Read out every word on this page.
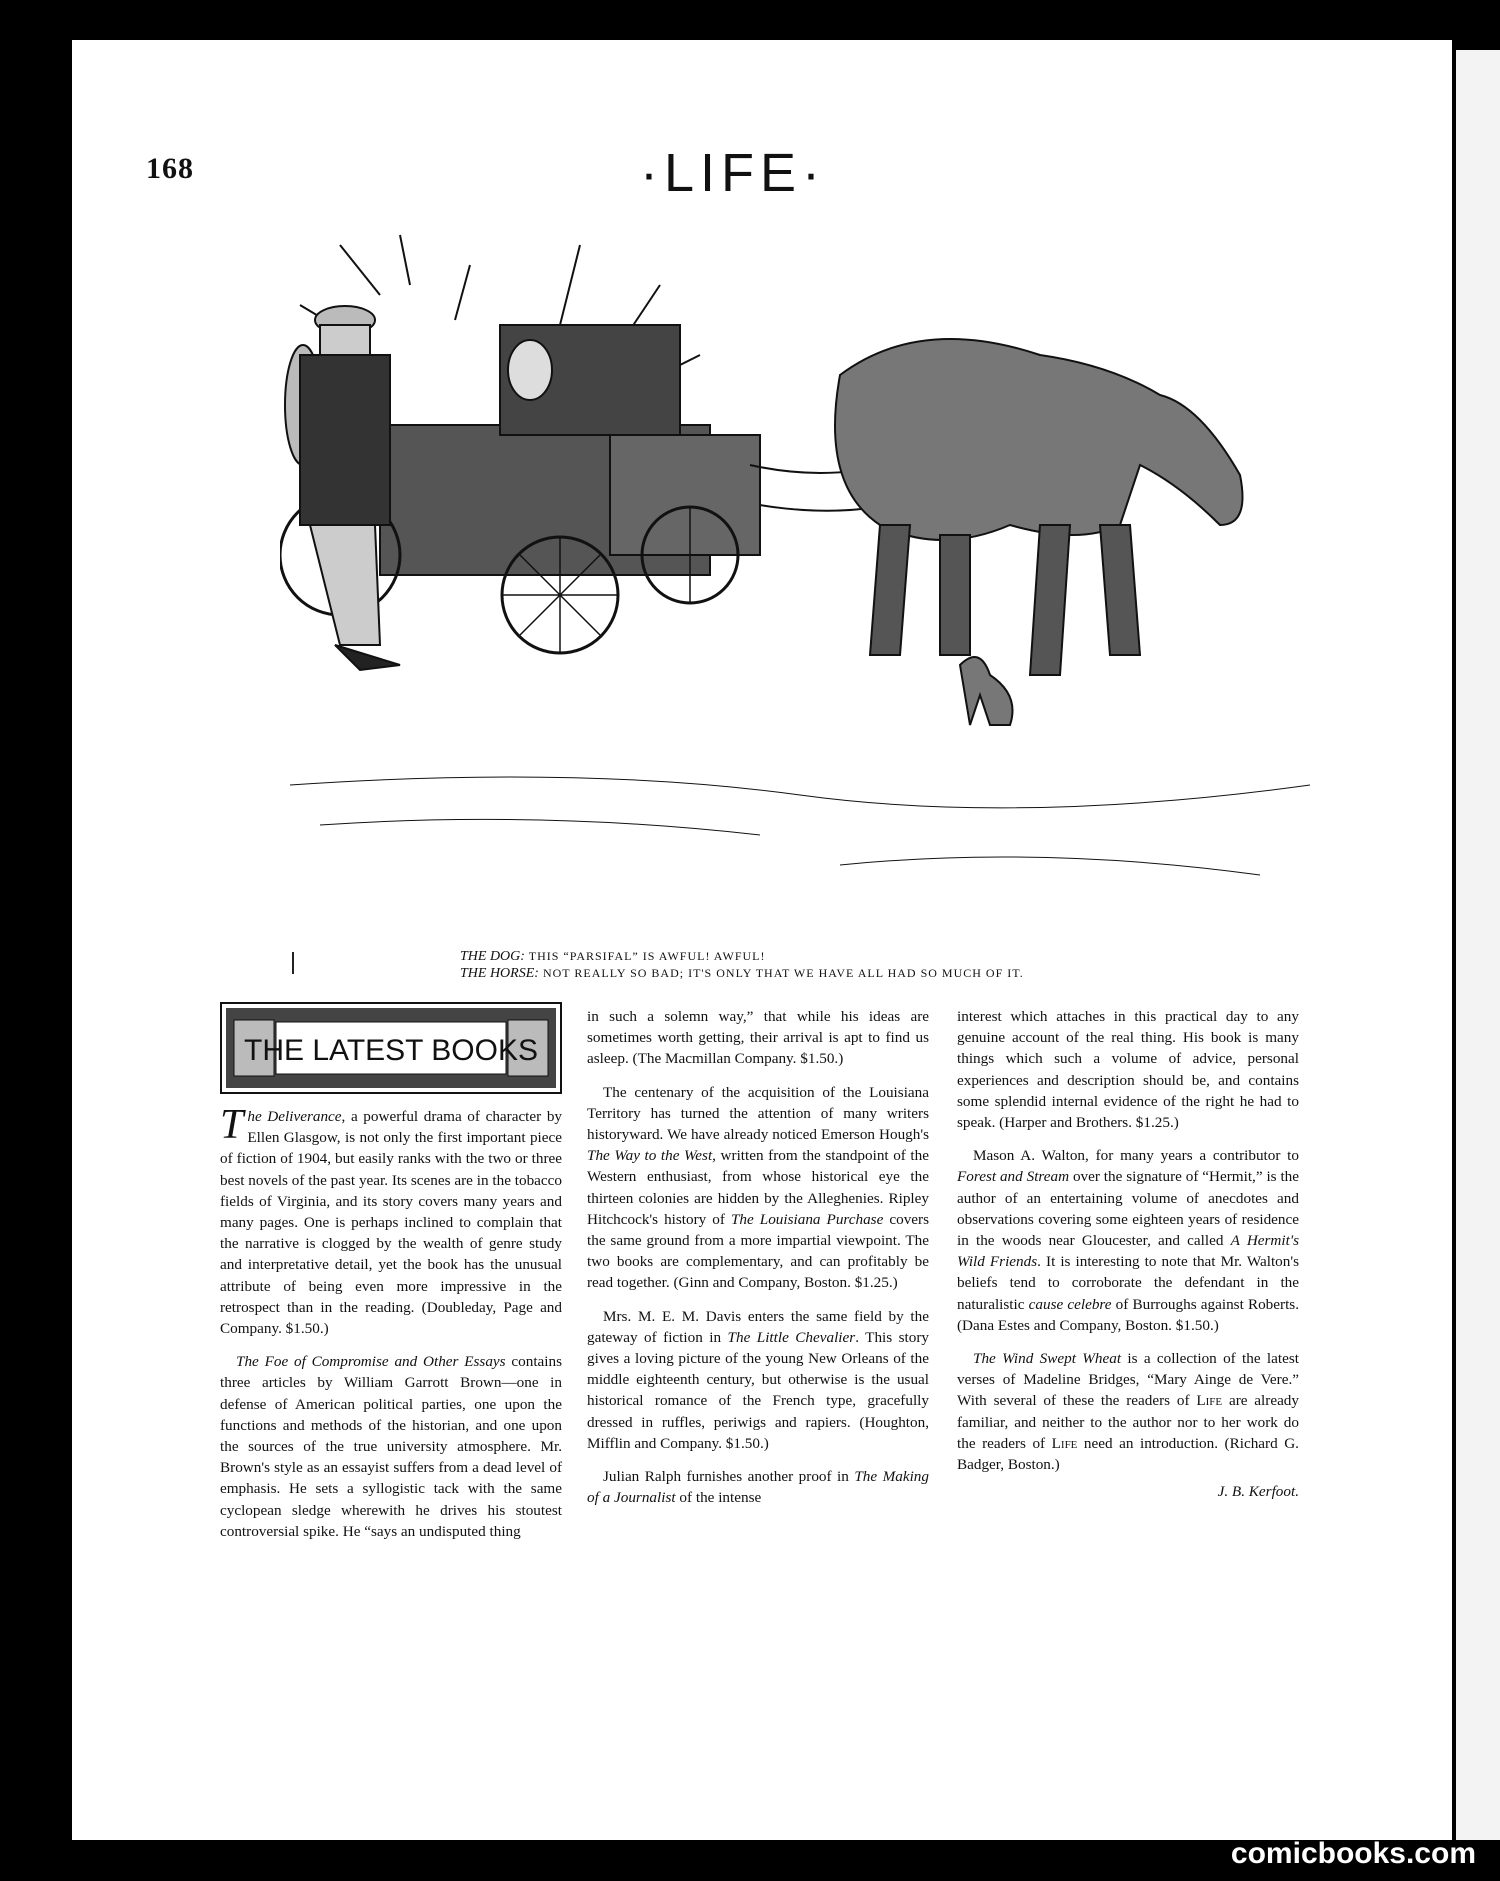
168	·LIFE·
THE DOG: THIS “PARSIFAL” IS AWFUL! AWFUL!
THE HORSE: NOT REALLY SO BAD; IT'S ONLY THAT WE HAVE ALL HAD SO MUCH OF IT.
THE LATEST BOOKS

The Deliverance, a powerful drama of character by Ellen Glasgow, is not only the first important piece of fiction of 1904, but easily ranks with the two or three best novels of the past year. Its scenes are in the tobacco fields of Virginia, and its story covers many years and many pages. One is perhaps inclined to complain that the narrative is clogged by the wealth of genre study and interpretative detail, yet the book has the unusual attribute of being even more impressive in the retrospect than in the reading. (Doubleday, Page and Company. $1.50.)

The Foe of Compromise and Other Essays contains three articles by William Garrott Brown—one in defense of American political parties, one upon the functions and methods of the historian, and one upon the sources of the true university atmosphere. Mr. Brown's style as an essayist suffers from a dead level of emphasis. He sets a syllogistic tack with the same cyclopean sledge wherewith he drives his stoutest controversial spike. He “says an undisputed thing

in such a solemn way,” that while his ideas are sometimes worth getting, their arrival is apt to find us asleep. (The Macmillan Company. $1.50.)

The centenary of the acquisition of the Louisiana Territory has turned the attention of many writers historyward. We have already noticed Emerson Hough's The Way to the West, written from the standpoint of the Western enthusiast, from whose historical eye the thirteen colonies are hidden by the Alleghenies. Ripley Hitchcock's history of The Louisiana Purchase covers the same ground from a more impartial viewpoint. The two books are complementary, and can profitably be read together. (Ginn and Company, Boston. $1.25.)

Mrs. M. E. M. Davis enters the same field by the gateway of fiction in The Little Chevalier. This story gives a loving picture of the young New Orleans of the middle eighteenth century, but otherwise is the usual historical romance of the French type, gracefully dressed in ruffles, periwigs and rapiers. (Houghton, Mifflin and Company. $1.50.)

Julian Ralph furnishes another proof in The Making of a Journalist of the intense

interest which attaches in this practical day to any genuine account of the real thing. His book is many things which such a volume of advice, personal experiences and description should be, and contains some splendid internal evidence of the right he had to speak. (Harper and Brothers. $1.25.)

Mason A. Walton, for many years a contributor to Forest and Stream over the signature of “Hermit,” is the author of an entertaining volume of anecdotes and observations covering some eighteen years of residence in the woods near Gloucester, and called A Hermit's Wild Friends. It is interesting to note that Mr. Walton's beliefs tend to corroborate the defendant in the naturalistic cause celebre of Burroughs against Roberts. (Dana Estes and Company, Boston. $1.50.)

The Wind Swept Wheat is a collection of the latest verses of Madeline Bridges, “Mary Ainge de Vere.” With several of these the readers of Life are already familiar, and neither to the author nor to her work do the readers of Life need an introduction. (Richard G. Badger, Boston.)

J. B. Kerfoot.
comicbooks.com
